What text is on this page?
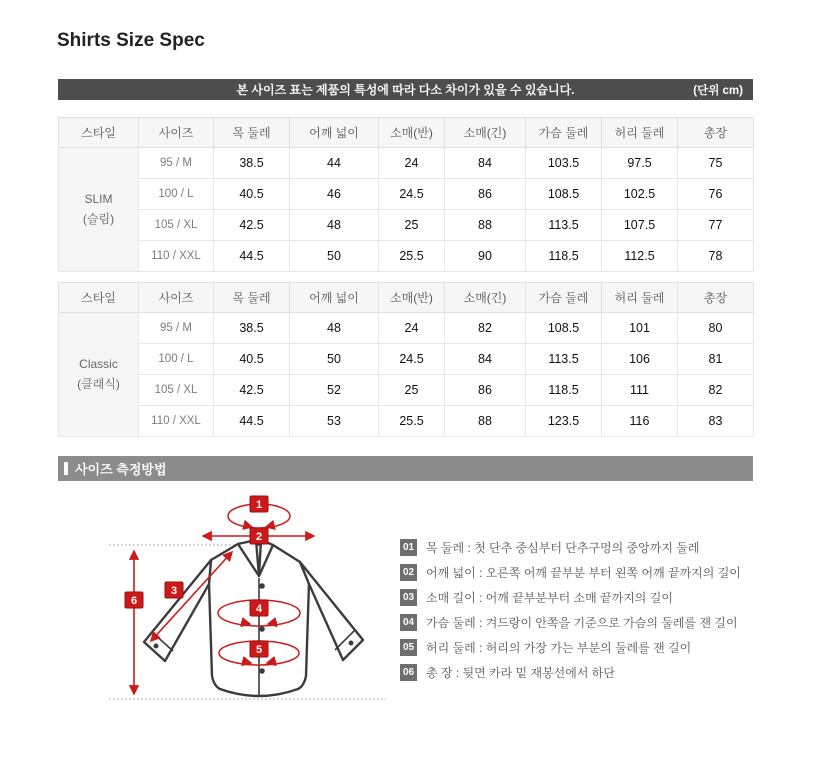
Shirts Size Spec
본 사이즈 표는 제품의 특성에 따라 다소 차이가 있을 수 있습니다.	(단위 cm)
스타일	사이즈	목 둘레	어깨 넓이	소매(반)	소매(긴)	가슴 둘레	허리 둘레	총장

SLIM
(슬림)	95 / M	38.5	44	24	84	103.5	97.5	75
	100 / L	40.5	46	24.5	86	108.5	102.5	76
	105 / XL	42.5	48	25	88	113.5	107.5	77
	110 / XXL	44.5	50	25.5	90	118.5	112.5	78
스타일	사이즈	목 둘레	어깨 넓이	소매(반)	소매(긴)	가슴 둘레	허리 둘레	총장

Classic
(클래식)	95 / M	38.5	48	24	82	108.5	101	80
	100 / L	40.5	50	24.5	84	113.5	106	81
	105 / XL	42.5	52	25	86	118.5	111	82
	110 / XXL	44.5	53	25.5	88	123.5	116	83
사이즈 측정방법
1
2
3
4
5
6
01 목 둘레 : 첫 단추 중심부터 단추구멍의 중앙까지 둘레
02 어깨 넓이 : 오른쪽 어깨 끝부분 부터 왼쪽 어깨 끝까지의 길이
03 소매 길이 : 어깨 끝부분부터 소매 끝까지의 길이
04 가슴 둘레 : 겨드랑이 안쪽을 기준으로 가슴의 둘레를 잰 길이
05 허리 둘레 : 허리의 가장 가는 부분의 둘레를 잰 길이
06 총 장 : 뒷면 카라 밑 재봉선에서 하단
